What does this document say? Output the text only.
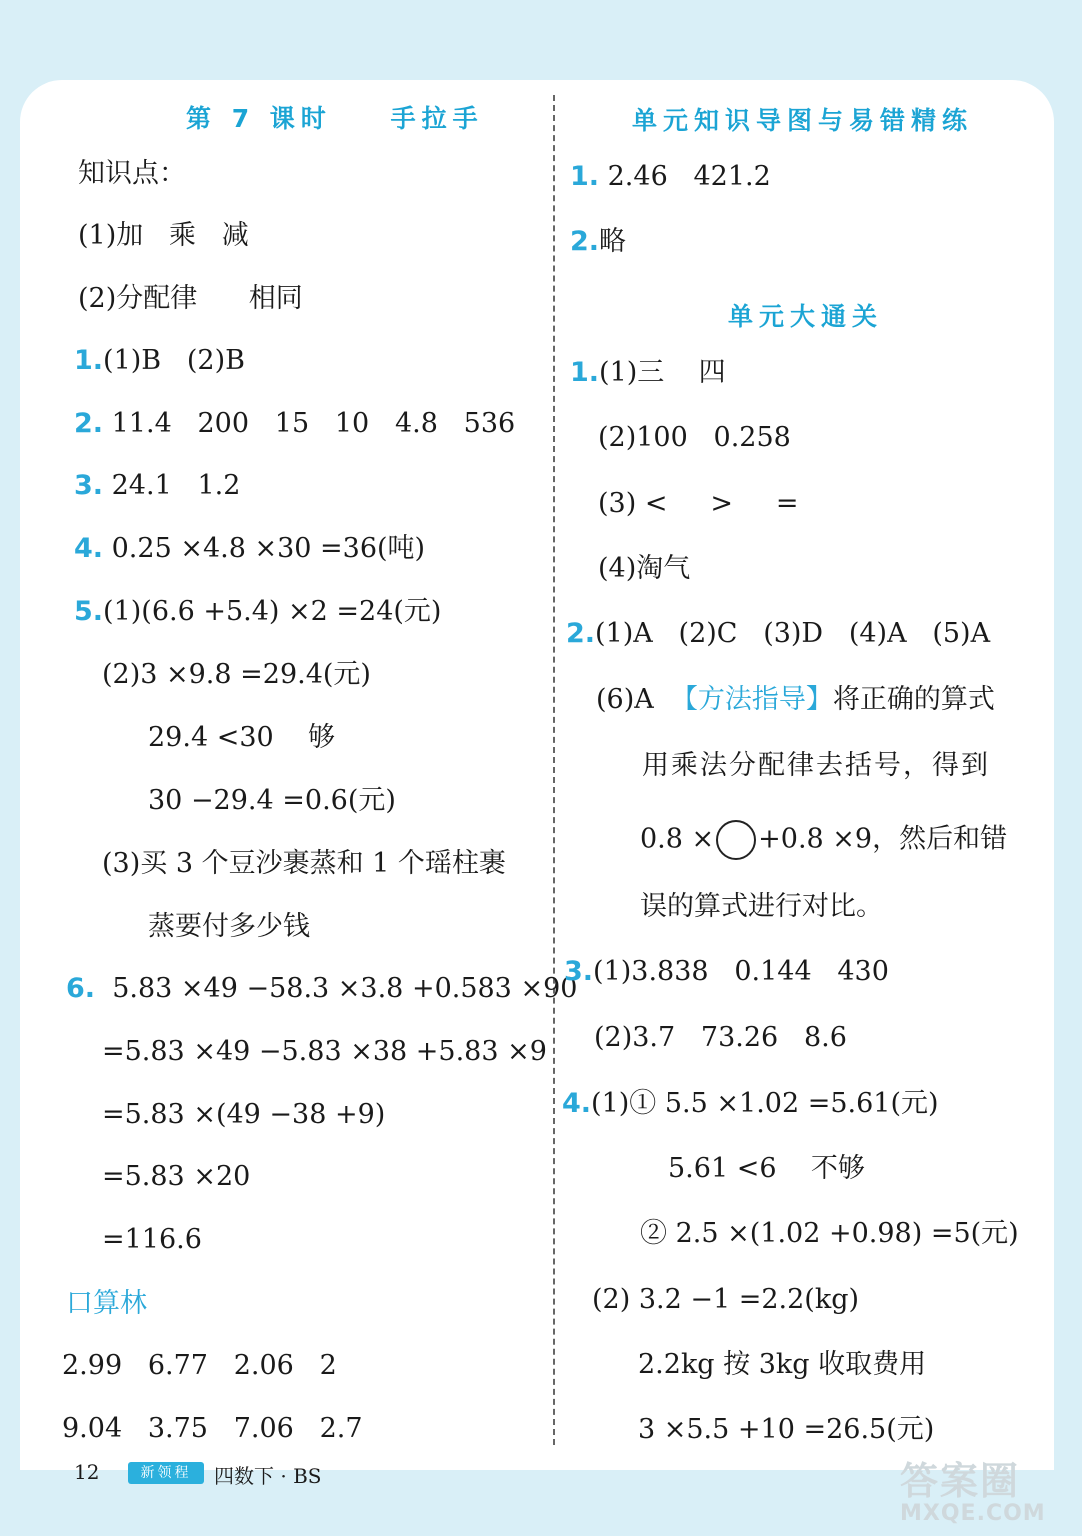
第 7 课时    手拉手
知识点：
(1)加   乘   减
(2)分配律      相同
1.(1)B   (2)B
2. 11.4   200   15   10   4.8   536
3. 24.1   1.2
4. 0.25 ×4.8 ×30 =36(吨)
5.(1)(6.6 +5.4) ×2 =24(元)
(2)3 ×9.8 =29.4(元)
29.4 <30    够
30 −29.4 =0.6(元)
(3)买 3 个豆沙裹蒸和 1 个瑶柱裹
蒸要付多少钱
6.  5.83 ×49 −58.3 ×3.8 +0.583 ×90
=5.83 ×49 −5.83 ×38 +5.83 ×9
=5.83 ×(49 −38 +9)
=5.83 ×20
=116.6
口算林
2.99   6.77   2.06   2
9.04   3.75   7.06   2.7
单元知识导图与易错精练
1. 2.46   421.2
2.略
单元大通关
1.(1)三    四
(2)100   0.258
(3) <     >     =
(4)淘气
2.(1)A   (2)C   (3)D   (4)A   (5)A
(6)A  【方法指导】将正确的算式
用乘法分配律去括号，得到
0.8 × +0.8 ×9，然后和错
误的算式进行对比。
3.(1)3.838   0.144   430
(2)3.7   73.26   8.6
4.(1)① 5.5 ×1.02 =5.61(元)
5.61 <6    不够
② 2.5 ×(1.02 +0.98) =5(元)
(2) 3.2 −1 =2.2(kg)
2.2kg 按 3kg 收取费用
3 ×5.5 +10 =26.5(元)
12	新领程	四数下 · BS	答案圈
MXQE.COM
